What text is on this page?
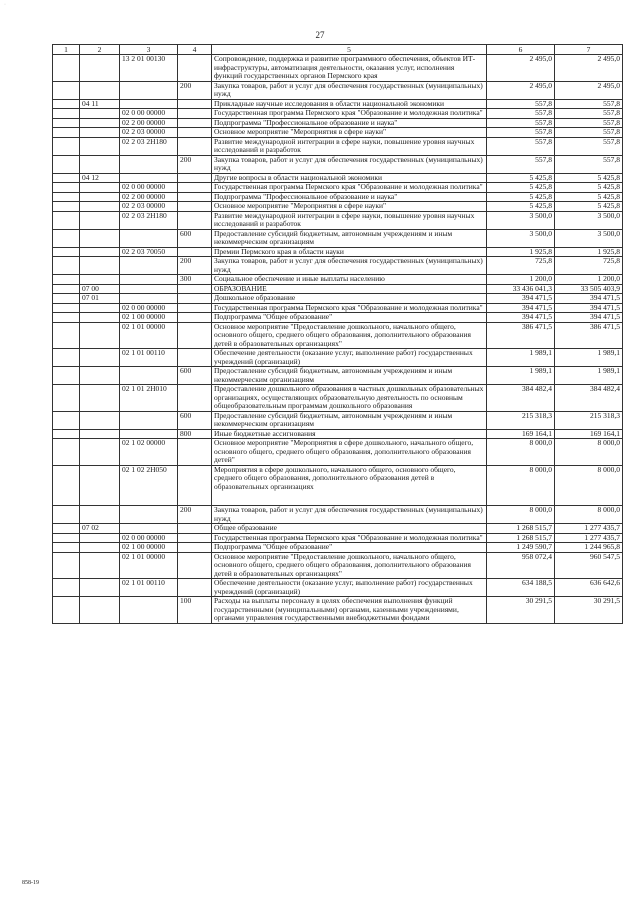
·
27
1	2	3	4	5	6	7
		13 2 01 00130		Сопровождение, поддержка и развитие программного обеспечения, объектов ИТ-инфраструктуры, автоматизация деятельности, оказания услуг, исполнения функций государственных органов Пермского края	2 495,0	2 495,0
			200	Закупка товаров, работ и услуг для обеспечения государственных (муниципальных) нужд	2 495,0	2 495,0
	04 11			Прикладные научные исследования в области национальной экономики	557,8	557,8
		02 0 00 00000		Государственная программа Пермского края "Образование и молодежная политика"	557,8	557,8
		02 2 00 00000		Подпрограмма "Профессиональное образование и наука"	557,8	557,8
		02 2 03 00000		Основное мероприятие "Мероприятия в сфере науки"	557,8	557,8
		02 2 03 2Н180		Развитие международной интеграции в сфере науки, повышение уровня научных исследований и разработок	557,8	557,8
			200	Закупка товаров, работ и услуг для обеспечения государственных (муниципальных) нужд	557,8	557,8
	04 12			Другие вопросы в области национальной экономики	5 425,8	5 425,8
		02 0 00 00000		Государственная программа Пермского края "Образование и молодежная политика"	5 425,8	5 425,8
		02 2 00 00000		Подпрограмма "Профессиональное образование и наука"	5 425,8	5 425,8
		02 2 03 00000		Основное мероприятие "Мероприятия в сфере науки"	5 425,8	5 425,8
		02 2 03 2Н180		Развитие международной интеграции в сфере науки, повышение уровня научных исследований и разработок	3 500,0	3 500,0
			600	Предоставление субсидий бюджетным, автономным учреждениям и иным некоммерческим организациям	3 500,0	3 500,0
		02 2 03 70050		Премии Пермского края в области науки	1 925,8	1 925,8
			200	Закупка товаров, работ и услуг для обеспечения государственных (муниципальных) нужд	725,8	725,8
			300	Социальное обеспечение и иные выплаты населению	1 200,0	1 200,0
	07 00			ОБРАЗОВАНИЕ	33 436 041,3	33 505 403,9
	07 01			Дошкольное образование	394 471,5	394 471,5
		02 0 00 00000		Государственная программа Пермского края "Образование и молодежная политика"	394 471,5	394 471,5
		02 1 00 00000		Подпрограмма "Общее образование"	394 471,5	394 471,5
		02 1 01 00000		Основное мероприятие "Предоставление дошкольного, начального общего, основного общего, среднего общего образования, дополнительного образования детей в образовательных организациях"	386 471,5	386 471,5
		02 1 01 00110		Обеспечение деятельности (оказание услуг, выполнение работ) государственных учреждений (организаций)	1 989,1	1 989,1
			600	Предоставление субсидий бюджетным, автономным учреждениям и иным некоммерческим организациям	1 989,1	1 989,1
		02 1 01 2Н010		Предоставление дошкольного образования в частных дошкольных образовательных организациях, осуществляющих образовательную деятельность по основным общеобразовательным программам дошкольного образования	384 482,4	384 482,4
			600	Предоставление субсидий бюджетным, автономным учреждениям и иным некоммерческим организациям	215 318,3	215 318,3
			800	Иные бюджетные ассигнования	169 164,1	169 164,1
		02 1 02 00000		Основное мероприятие "Мероприятия в сфере дошкольного, начального общего, основного общего, среднего общего образования, дополнительного образования детей"	8 000,0	8 000,0
		02 1 02 2Н050		Мероприятия в сфере дошкольного, начального общего, основного общего, среднего общего образования, дополнительного образования детей в образовательных организациях	8 000,0	8 000,0
			200	Закупка товаров, работ и услуг для обеспечения государственных (муниципальных) нужд	8 000,0	8 000,0
	07 02			Общее образование	1 268 515,7	1 277 435,7
		02 0 00 00000		Государственная программа Пермского края "Образование и молодежная политика"	1 268 515,7	1 277 435,7
		02 1 00 00000		Подпрограмма "Общее образование"	1 249 590,7	1 244 965,8
		02 1 01 00000		Основное мероприятие "Предоставление дошкольного, начального общего, основного общего, среднего общего образования, дополнительного образования детей в образовательных организациях"	958 072,4	960 547,5
		02 1 01 00110		Обеспечение деятельности (оказание услуг, выполнение работ) государственных учреждений (организаций)	634 188,5	636 642,6
			100	Расходы на выплаты персоналу в целях обеспечения выполнения функций государственными (муниципальными) органами, казенными учреждениями, органами управления государственными внебюджетными фондами	30 291,5	30 291,5
858-19
